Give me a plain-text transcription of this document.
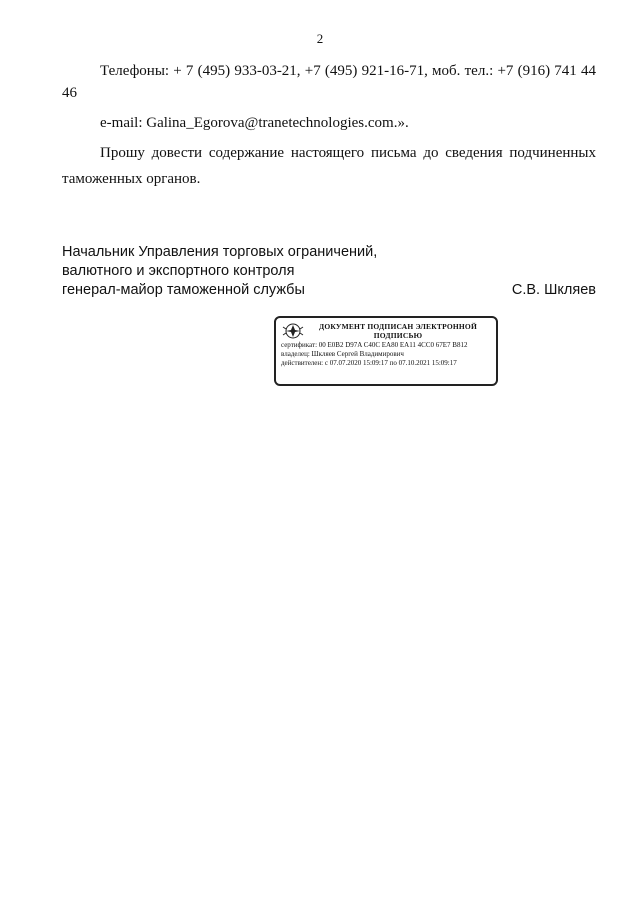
2
Телефоны: + 7 (495) 933-03-21, +7 (495) 921-16-71, моб. тел.: +7 (916) 741 44 46
e-mail: Galina_Egorova@tranetechnologies.com.».
Прошу довести содержание настоящего письма до сведения подчиненных таможенных органов.
Начальник Управления торговых ограничений,
валютного и экспортного контроля
генерал-майор таможенной службы	С.В. Шкляев
ДОКУМЕНТ ПОДПИСАН ЭЛЕКТРОННОЙ ПОДПИСЬЮ
сертификат: 00 E0B2 D97A C40C EA80 EA11 4CC0 67E7 B812
владелец: Шкляев Сергей Владимирович
действителен: с 07.07.2020 15:09:17 по 07.10.2021 15:09:17
